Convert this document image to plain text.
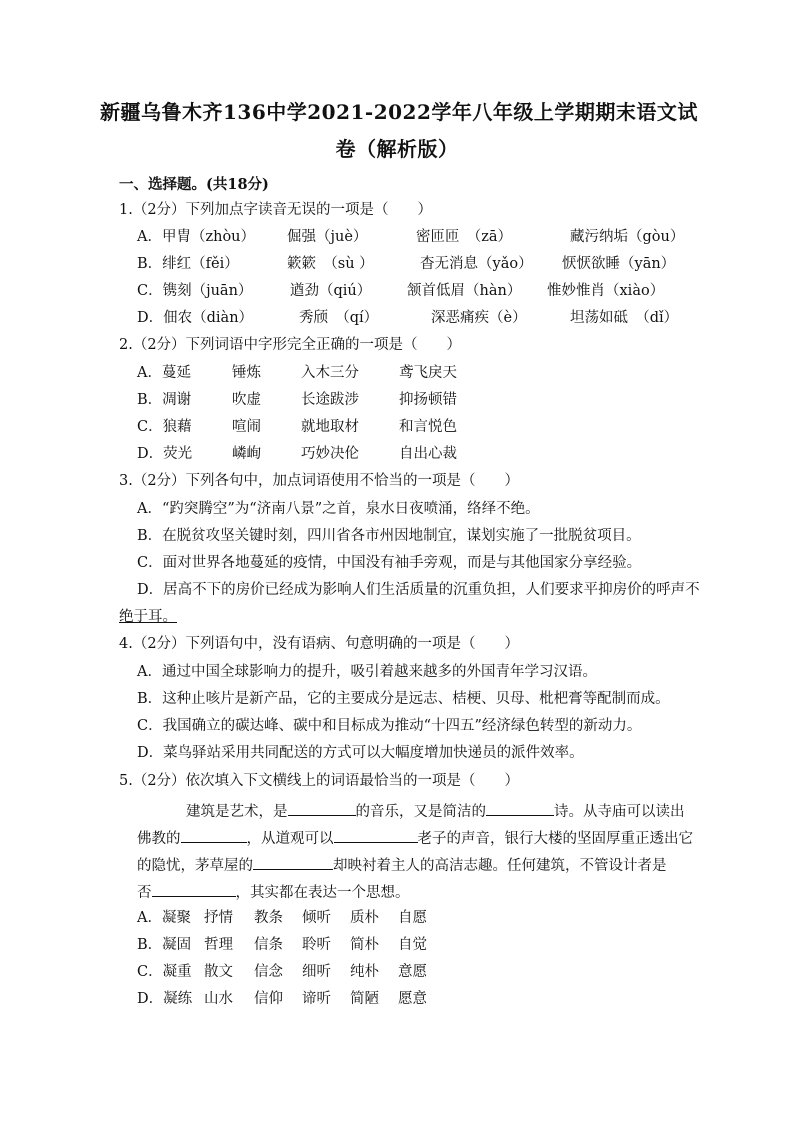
新疆乌鲁木齐136中学2021-2022学年八年级上学期期末语文试
卷（解析版）
一、选择题。(共18分)
1.（2分）下列加点字读音无误的一项是（　　）
A．甲胄（zhòu） 倔强（juè）	密匝匝　（zā）	藏污纳垢（gòu）
B．绯红（fěi）	簌簌　（sù ）	杳无消息（yǎo） 恹恹欲睡（yān）
C．镌刻（juān）	遒劲（qiú） 颔首低眉（hàn） 惟妙惟肖（xiào）
D．佃农（diàn）	秀颀　（qí）	深恶痛疾（è）	坦荡如砥　（dǐ）
2.（2分）下列词语中字形完全正确的一项是（　　）
A．蔓延	锤炼	入木三分	鸢飞戾天
B．凋谢	吹虚	长途跋涉	抑扬顿错
C．狼藉	喧闹	就地取材	和言悦色
D．荧光	嶙峋	巧妙决伦	自出心裁
3.（2分）下列各句中，加点词语使用不恰当的一项是（　　）
A．“趵突腾空”为“济南八景”之首，泉水日夜喷涌，络绎不绝。
B．在脱贫攻坚关键时刻，四川省各市州因地制宜，谋划实施了一批脱贫项目。
C．面对世界各地蔓延的疫情，中国没有袖手旁观，而是与其他国家分享经验。
D．居高不下的房价已经成为影响人们生活质量的沉重负担，人们要求平抑房价的呼声不
绝于耳。
4.（2分）下列语句中，没有语病、句意明确的一项是（　　）
A．通过中国全球影响力的提升，吸引着越来越多的外国青年学习汉语。
B．这种止咳片是新产品，它的主要成分是远志、桔梗、贝母、枇杷膏等配制而成。
C．我国确立的碳达峰、碳中和目标成为推动“十四五”经济绿色转型的新动力。
D．菜鸟驿站采用共同配送的方式可以大幅度增加快递员的派件效率。
5.（2分）依次填入下文横线上的词语最恰当的一项是（　　）
建筑是艺术，是	的音乐，又是简洁的	诗。从寺庙可以读出
佛教的	，从道观可以	老子的声音，银行大楼的坚固厚重正透出它
的隐忧，茅草屋的	却映衬着主人的高洁志趣。任何建筑，不管设计者是
否	，其实都在表达一个思想。
A．凝聚 抒情 教条 倾听 质朴 自愿
B．凝固 哲理 信条 聆听 简朴 自觉
C．凝重 散文 信念 细听 纯朴 意愿
D．凝练 山水 信仰 谛听 简陋 愿意
